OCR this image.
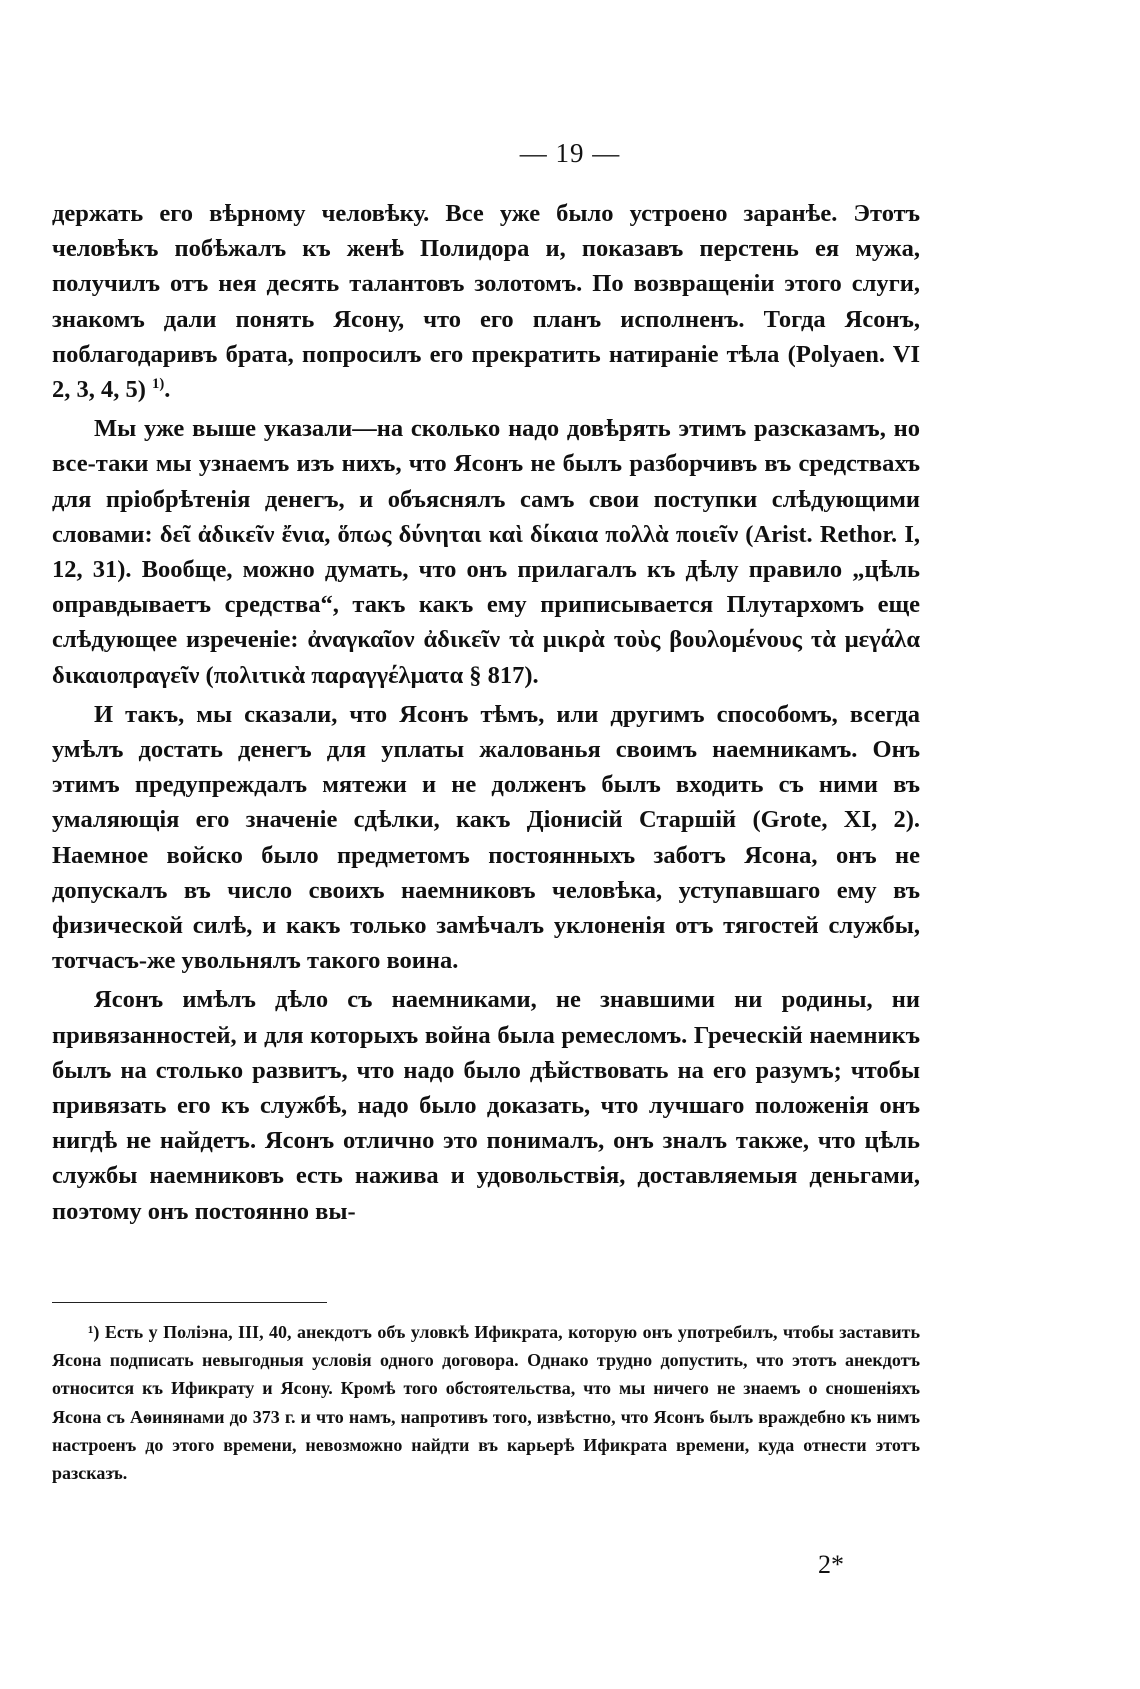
— 19 —

держать его вѣрному человѣку. Все уже было устроено заранѣе. Этотъ человѣкъ побѣжалъ къ женѣ Полидора и, показавъ перстень ея мужа, получилъ отъ нея десять талантовъ золотомъ. По возвращеніи этого слуги, знакомъ дали понять Ясону, что его планъ исполненъ. Тогда Ясонъ, поблагодаривъ брата, попросилъ его прекратить натираніе тѣла (Polyaen. VI 2, 3, 4, 5) $^{1)}$.

Мы уже выше указали—на сколько надо довѣрять этимъ разсказамъ, но все-таки мы узнаемъ изъ нихъ, что Ясонъ не былъ разборчивъ въ средствахъ для пріобрѣтенія денегъ, и объяснялъ самъ свои поступки слѣдующими словами: δεῖ ἀδικεῖν ἔνια, ὅπως δύνηται καὶ δίκαια πολλὰ ποιεῖν (Arist. Rethor. I, 12, 31). Вообще, можно думать, что онъ прилагалъ къ дѣлу правило „цѣль оправдываетъ средства“, такъ какъ ему приписывается Плутархомъ еще слѣдующее изреченіе: ἀναγκαῖον ἀδικεῖν τὰ μικρὰ τοὺς βουλομένους τὰ μεγάλα δικαιοπραγεῖν (πολιτικὰ παραγγέλματα § 817).

И такъ, мы сказали, что Ясонъ тѣмъ, или другимъ способомъ, всегда умѣлъ достать денегъ для уплаты жалованья своимъ наемникамъ. Онъ этимъ предупреждалъ мятежи и не долженъ былъ входить съ ними въ умаляющія его значеніе сдѣлки, какъ Діонисій Старшій (Grote, XI, 2). Наемное войско было предметомъ постоянныхъ заботъ Ясона, онъ не допускалъ въ число своихъ наемниковъ человѣка, уступавшаго ему въ физической силѣ, и какъ только замѣчалъ уклоненія отъ тягостей службы, тотчасъ-же увольнялъ такого воина.

Ясонъ имѣлъ дѣло съ наемниками, не знавшими ни родины, ни привязанностей, и для которыхъ война была ремесломъ. Греческій наемникъ былъ на столько развитъ, что надо было дѣйствовать на его разумъ; чтобы привязать его къ службѣ, надо было доказать, что лучшаго положенія онъ нигдѣ не найдетъ. Ясонъ отлично это понималъ, онъ зналъ также, что цѣль службы наемниковъ есть нажива и удовольствія, доставляемыя деньгами, поэтому онъ постоянно вы-

¹) Есть у Поліэна, III, 40, анекдотъ объ уловкѣ Ификрата, которую онъ употребилъ, чтобы заставить Ясона подписать невыгодныя условія одного договора. Однако трудно допустить, что этотъ анекдотъ относится къ Ификрату и Ясону. Кромѣ того обстоятельства, что мы ничего не знаемъ о сношеніяхъ Ясона съ Аѳинянами до 373 г. и что намъ, напротивъ того, извѣстно, что Ясонъ былъ враждебно къ нимъ настроенъ до этого времени, невозможно найдти въ карьерѣ Ификрата времени, куда отнести этотъ разсказъ.

2*
